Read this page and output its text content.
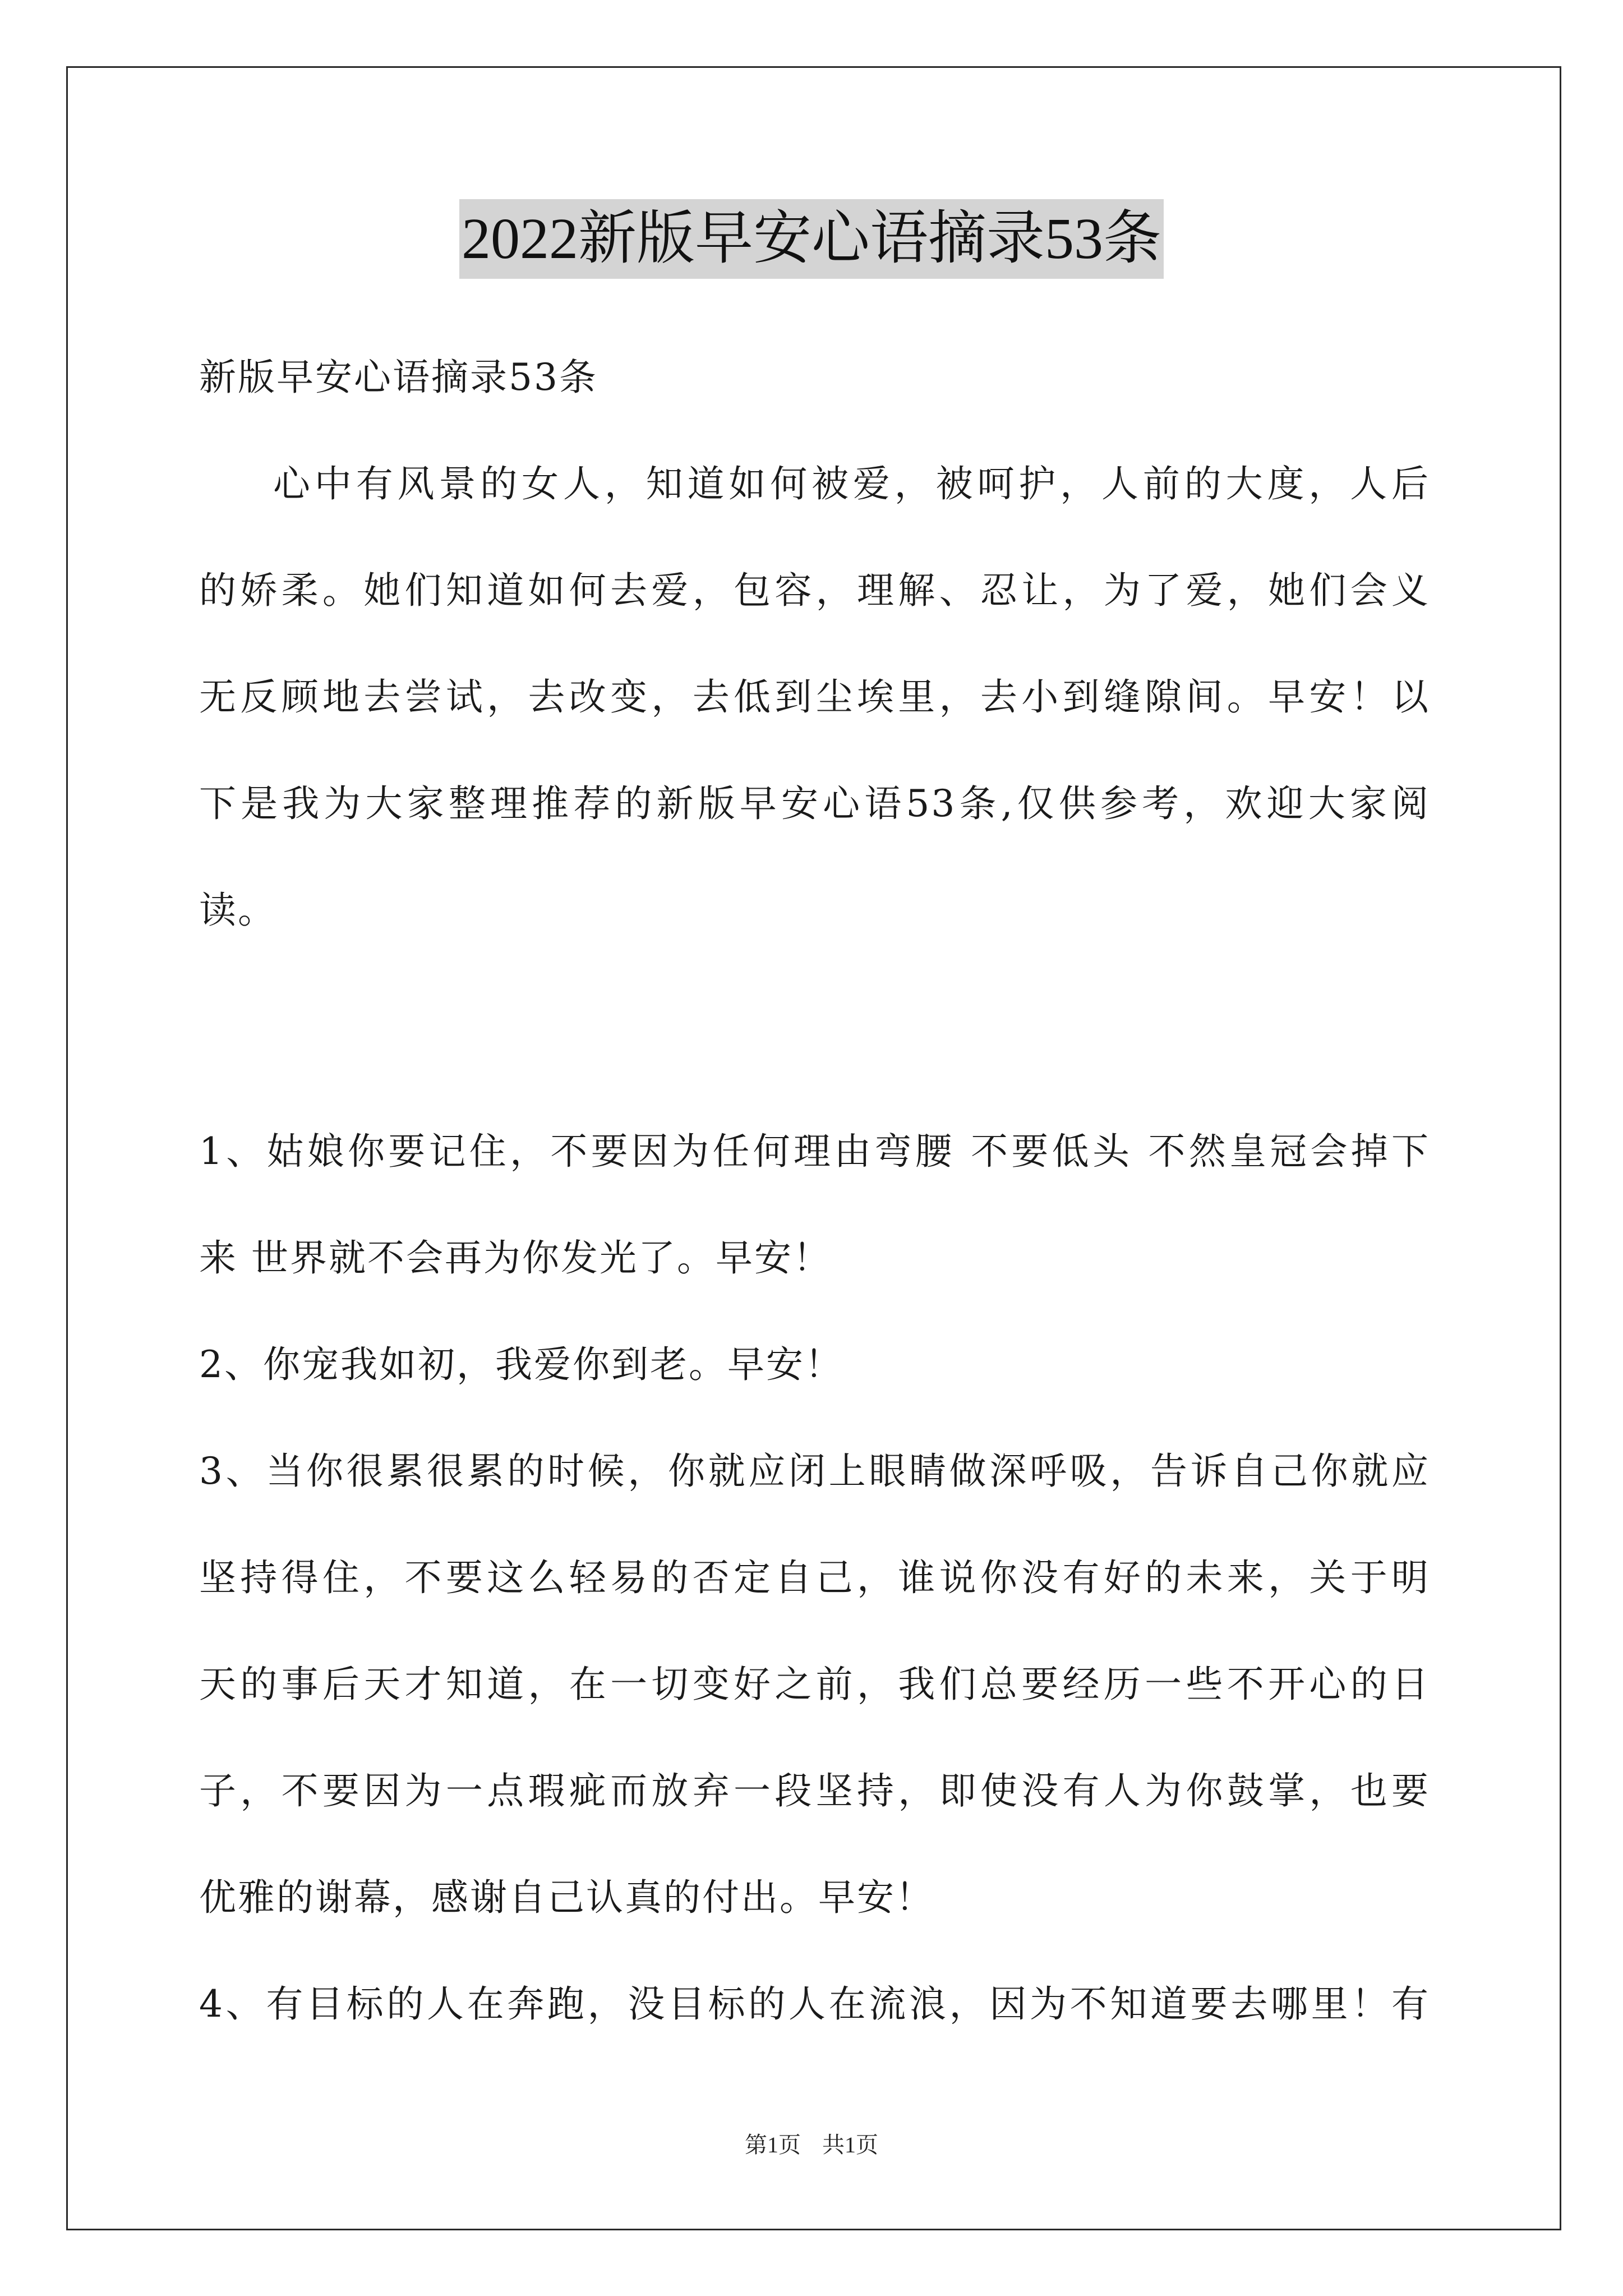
2022新版早安心语摘录53条
新版早安心语摘录53条
心中有风景的女人，知道如何被爱，被呵护，人前的大度，人后
的娇柔。她们知道如何去爱，包容，理解、忍让，为了爱，她们会义
无反顾地去尝试，去改变，去低到尘埃里，去小到缝隙间。早安！以
下是我为大家整理推荐的新版早安心语53条,仅供参考，欢迎大家阅
读。
1、姑娘你要记住，不要因为任何理由弯腰 不要低头 不然皇冠会掉下
来 世界就不会再为你发光了。早安！
2、你宠我如初，我爱你到老。早安！
3、当你很累很累的时候，你就应闭上眼睛做深呼吸，告诉自己你就应
坚持得住，不要这么轻易的否定自己，谁说你没有好的未来，关于明
天的事后天才知道，在一切变好之前，我们总要经历一些不开心的日
子，不要因为一点瑕疵而放弃一段坚持，即使没有人为你鼓掌，也要
优雅的谢幕，感谢自己认真的付出。早安！
4、有目标的人在奔跑，没目标的人在流浪，因为不知道要去哪里！有
第1页 共1页
